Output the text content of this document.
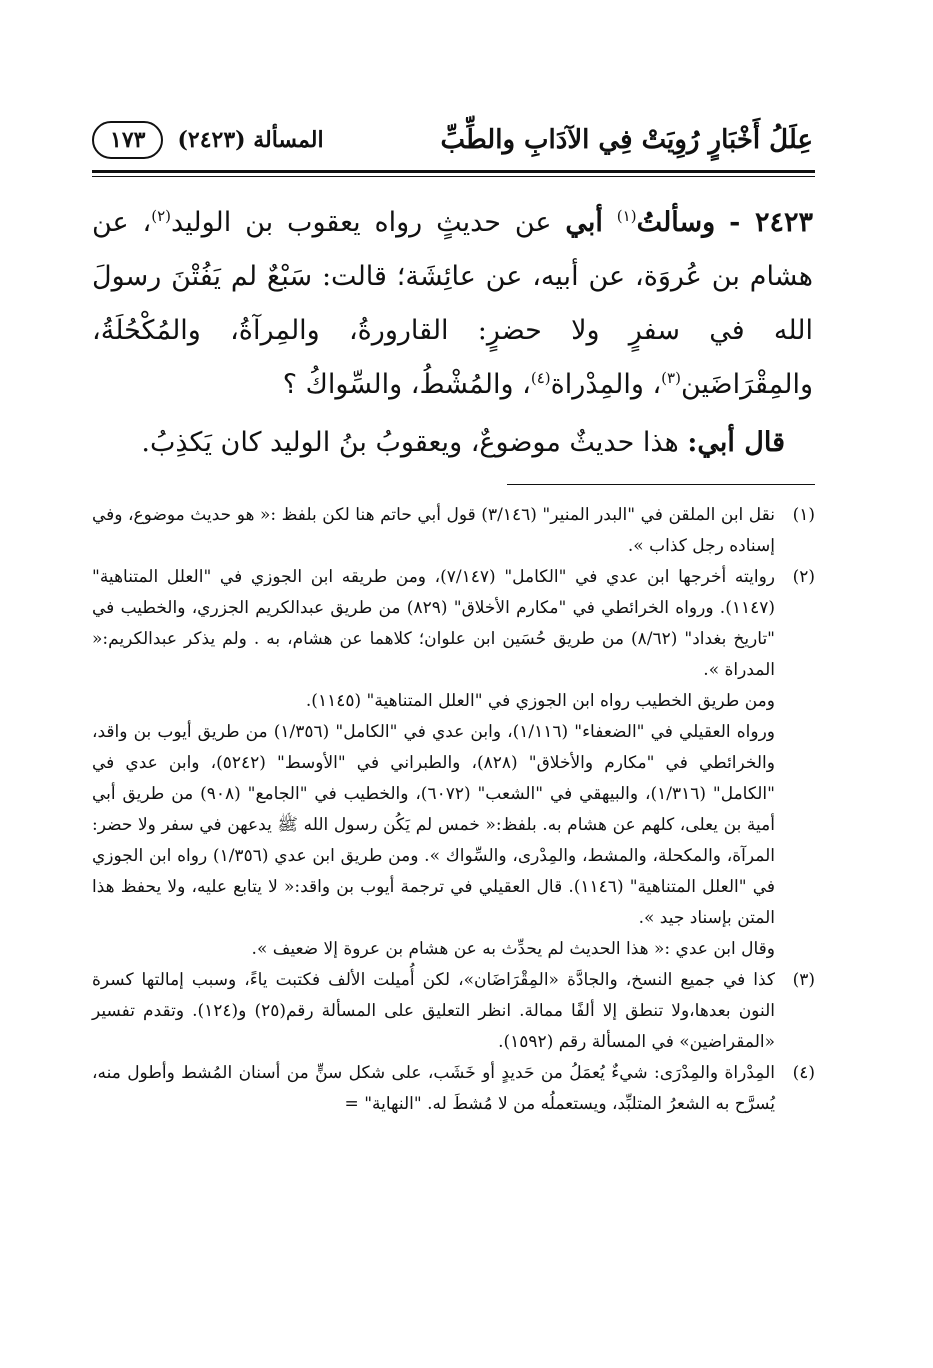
عِلَلُ أَخْبَارٍ رُوِيَتْ فِي الآدَابِ والطِّبِّ
المسألة (٢٤٢٣)
١٧٣

٢٤٢٣ - وسألتُ$^{(١)}$ أبي عن حديثٍ رواه يعقوب بن الوليد$^{(٢)}$، عن هشام بن عُروَة، عن أبيه، عن عائِشَة؛ قالت: سَبْعٌ لم يَفُتْنَ رسولَ الله في سفرٍ ولا حضرٍ: القارورةُ، والمِرآةُ، والمُكْحُلَةُ، والمِقْرَاضَين$^{(٣)}$، والمِدْراة$^{(٤)}$، والمُشْطُ، والسِّواكُ ؟

قال أبي: هذا حديثٌ موضوعٌ، ويعقوبُ بنُ الوليد كان يَكذِبُ.
(١)

نقل ابن الملقن في "البدر المنير" (٣/١٤٦) قول أبي حاتم هنا لكن بلفظ :« هو حديث موضوع، وفي إسناده رجل كذاب ».

(٢)

روايته أخرجها ابن عدي في "الكامل" (٧/١٤٧)، ومن طريقه ابن الجوزي في "العلل المتناهية" (١١٤٧). ورواه الخرائطي في "مكارم الأخلاق" (٨٢٩) من طريق عبدالكريم الجزري، والخطيب في "تاريخ بغداد" (٨/٦٢) من طريق حُسَين ابن علوان؛ كلاهما عن هشام، به . ولم يذكر عبدالكريم:« المدراة ».

ومن طريق الخطيب رواه ابن الجوزي في "العلل المتناهية" (١١٤٥).

ورواه العقيلي في "الضعفاء" (١/١١٦)، وابن عدي في "الكامل" (١/٣٥٦) من طريق أيوب بن واقد، والخرائطي في "مكارم والأخلاق" (٨٢٨)، والطبراني في "الأوسط" (٥٢٤٢)، وابن عدي في "الكامل" (١/٣١٦)، والبيهقي في "الشعب" (٦٠٧٢)، والخطيب في "الجامع" (٩٠٨) من طريق أبي أمية بن يعلى، كلهم عن هشام به. بلفظ:« خمس لم يَكُن رسول الله ﷺ يدعهن في سفر ولا حضر: المرآة، والمكحلة، والمشط، والمِدْرى، والسِّواك ». ومن طريق ابن عدي (١/٣٥٦) رواه ابن الجوزي في "العلل المتناهية" (١١٤٦). قال العقيلي في ترجمة أيوب بن واقد:« لا يتابع عليه، ولا يحفظ هذا المتن بإسناد جيد ».

وقال ابن عدي :« هذا الحديث لم يحدِّث به عن هشام بن عروة إلا ضعيف ».

(٣)

كذا في جميع النسخ، والجادَّة «المِقْرَاضَان»، لكن أُميلت الألف فكتبت ياءً، وسبب إمالتها كسرة النون بعدها،ولا تنطق إلا ألفًا ممالة. انظر التعليق على المسألة رقم(٢٥) و(١٢٤). وتقدم تفسير «المقراضين» في المسألة رقم (١٥٩٢).

(٤)

المِدْراة والمِدْرَى: شيءٌ يُعمَلُ من حَديدٍ أو خَشَب، على شكل سنٍّ من أسنان المُشط وأطول منه، يُسرَّح به الشعرُ المتلبِّد، ويستعملُه من لا مُشطَ له. "النهاية" =
